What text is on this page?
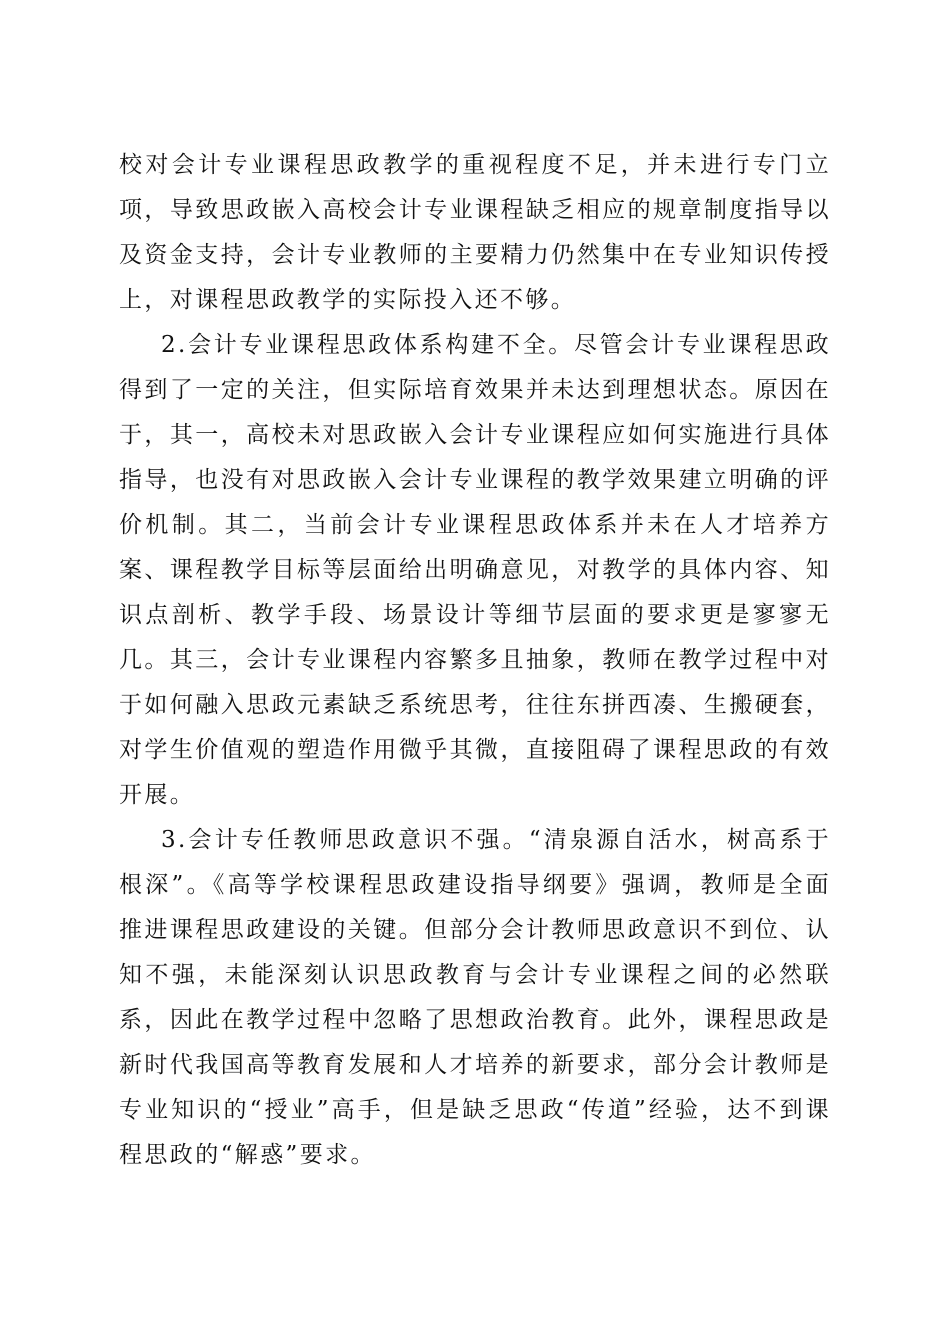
校对会计专业课程思政教学的重视程度不足，并未进行专门立项，导致思政嵌入高校会计专业课程缺乏相应的规章制度指导以及资金支持，会计专业教师的主要精力仍然集中在专业知识传授上，对课程思政教学的实际投入还不够。

2.会计专业课程思政体系构建不全。尽管会计专业课程思政得到了一定的关注，但实际培育效果并未达到理想状态。原因在于，其一，高校未对思政嵌入会计专业课程应如何实施进行具体指导，也没有对思政嵌入会计专业课程的教学效果建立明确的评价机制。其二，当前会计专业课程思政体系并未在人才培养方案、课程教学目标等层面给出明确意见，对教学的具体内容、知识点剖析、教学手段、场景设计等细节层面的要求更是寥寥无几。其三，会计专业课程内容繁多且抽象，教师在教学过程中对于如何融入思政元素缺乏系统思考，往往东拼西凑、生搬硬套，对学生价值观的塑造作用微乎其微，直接阻碍了课程思政的有效开展。

3.会计专任教师思政意识不强。“清泉源自活水，树高系于根深”。《高等学校课程思政建设指导纲要》强调，教师是全面推进课程思政建设的关键。但部分会计教师思政意识不到位、认知不强，未能深刻认识思政教育与会计专业课程之间的必然联系，因此在教学过程中忽略了思想政治教育。此外，课程思政是新时代我国高等教育发展和人才培养的新要求，部分会计教师是专业知识的“授业”高手，但是缺乏思政“传道”经验，达不到课程思政的“解惑”要求。
